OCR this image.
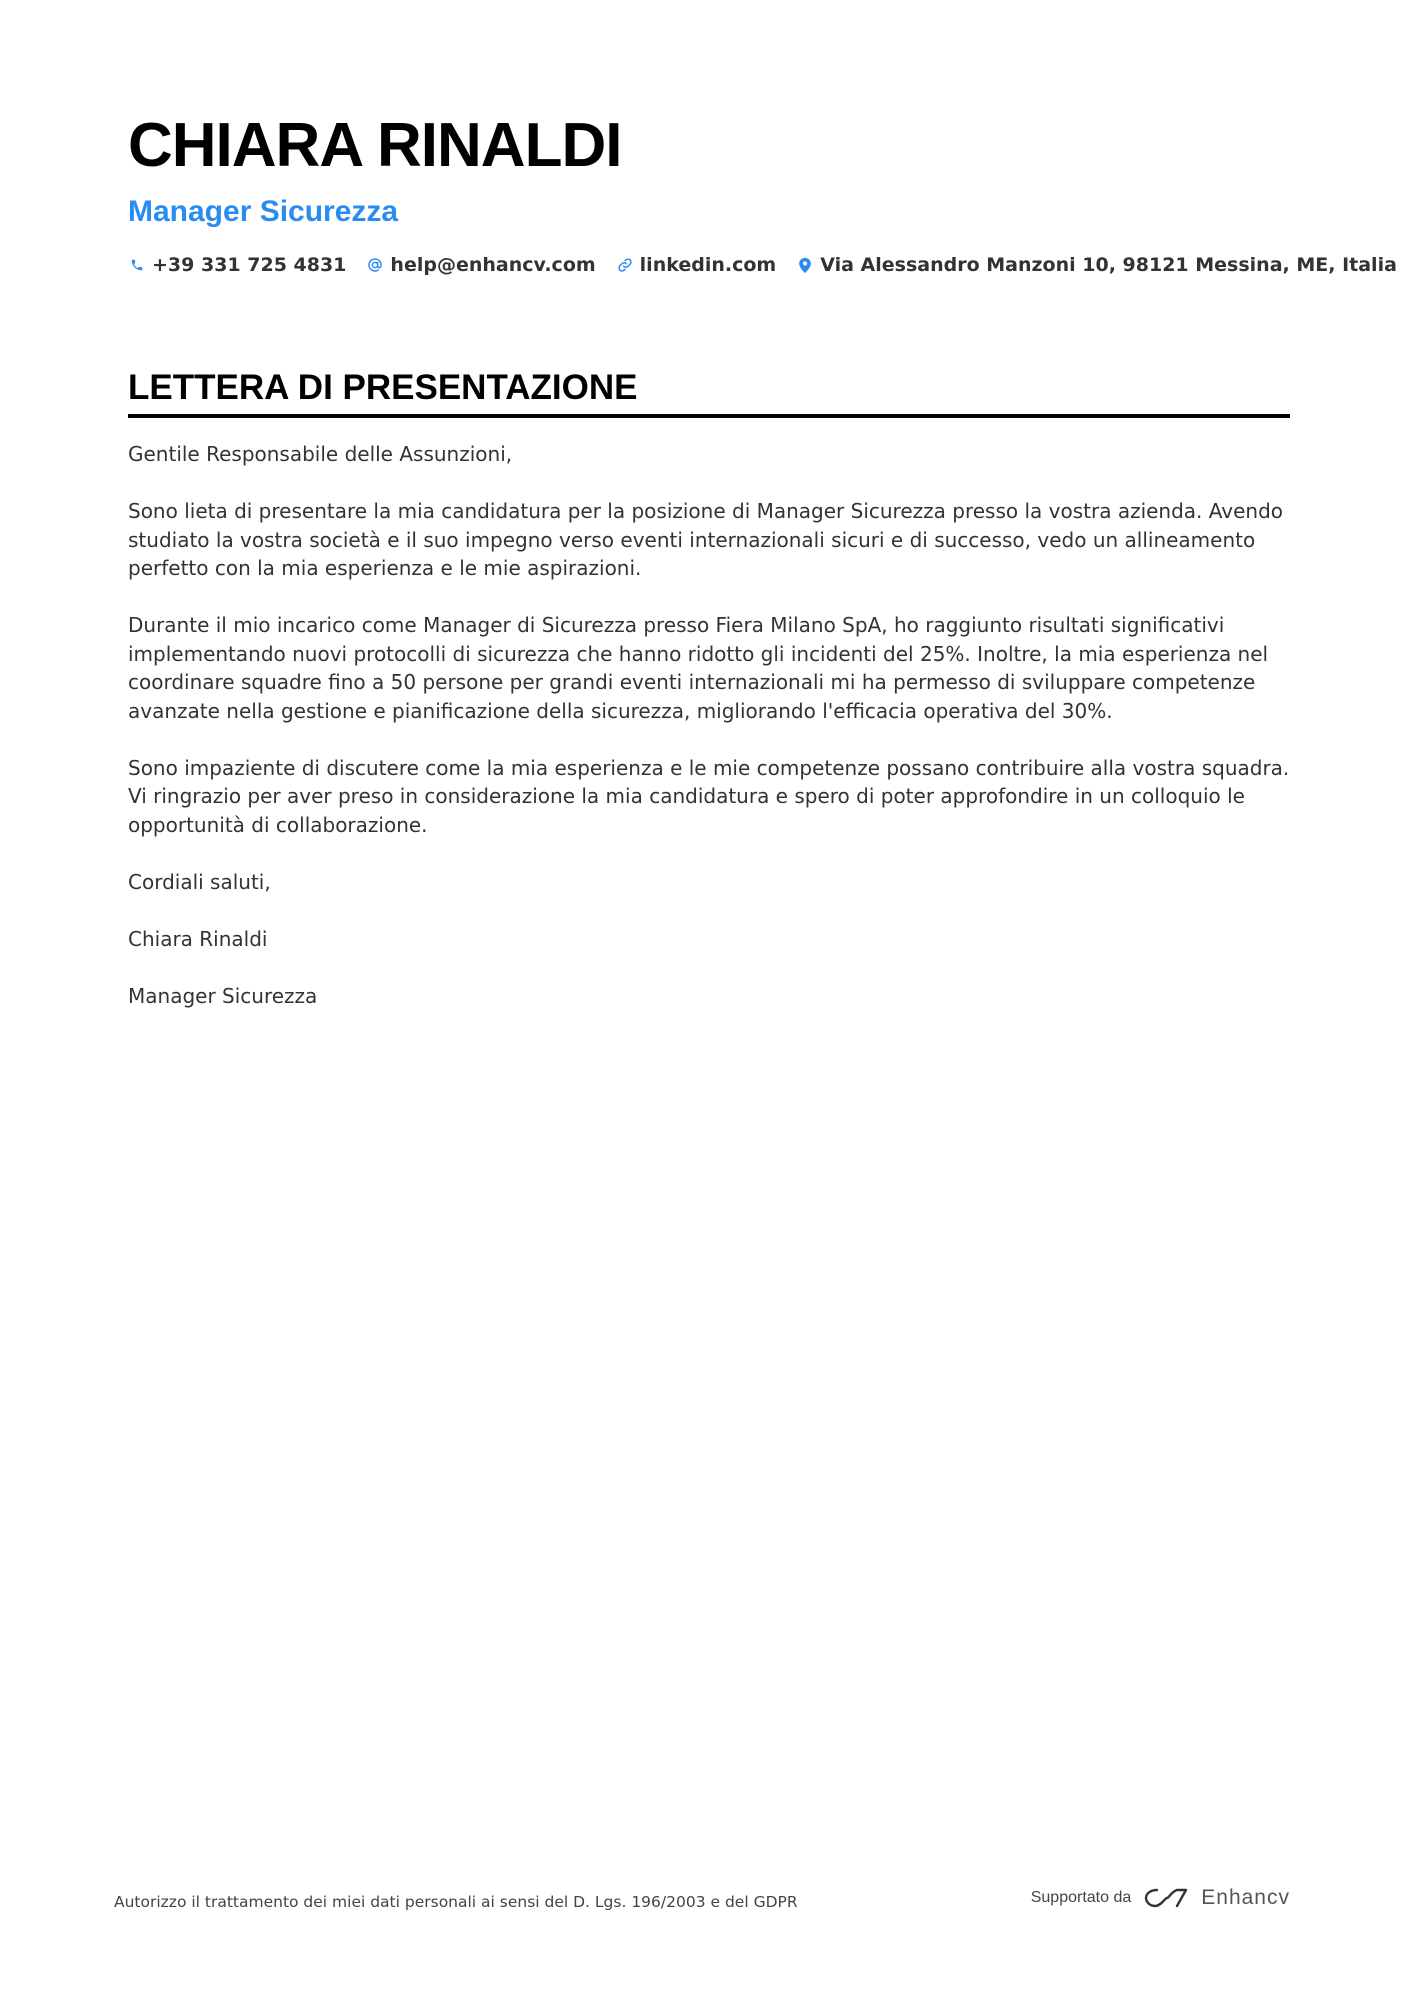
CHIARA RINALDI
Manager Sicurezza
+39 331 725 4831 help@enhancv.com linkedin.com Via Alessandro Manzoni 10, 98121 Messina, ME, Italia
LETTERA DI PRESENTAZIONE

Gentile Responsabile delle Assunzioni,

Sono lieta di presentare la mia candidatura per la posizione di Manager Sicurezza presso la vostra azienda. Avendo studiato la vostra società e il suo impegno verso eventi internazionali sicuri e di successo, vedo un allineamento perfetto con la mia esperienza e le mie aspirazioni.

Durante il mio incarico come Manager di Sicurezza presso Fiera Milano SpA, ho raggiunto risultati significativi implementando nuovi protocolli di sicurezza che hanno ridotto gli incidenti del 25%. Inoltre, la mia esperienza nel coordinare squadre fino a 50 persone per grandi eventi internazionali mi ha permesso di sviluppare competenze avanzate nella gestione e pianificazione della sicurezza, migliorando l'efficacia operativa del 30%.

Sono impaziente di discutere come la mia esperienza e le mie competenze possano contribuire alla vostra squadra. Vi ringrazio per aver preso in considerazione la mia candidatura e spero di poter approfondire in un colloquio le opportunità di collaborazione.

Cordiali saluti,

Chiara Rinaldi

Manager Sicurezza

Autorizzo il trattamento dei miei dati personali ai sensi del D. Lgs. 196/2003 e del GDPR	Supportato da	Enhancv
